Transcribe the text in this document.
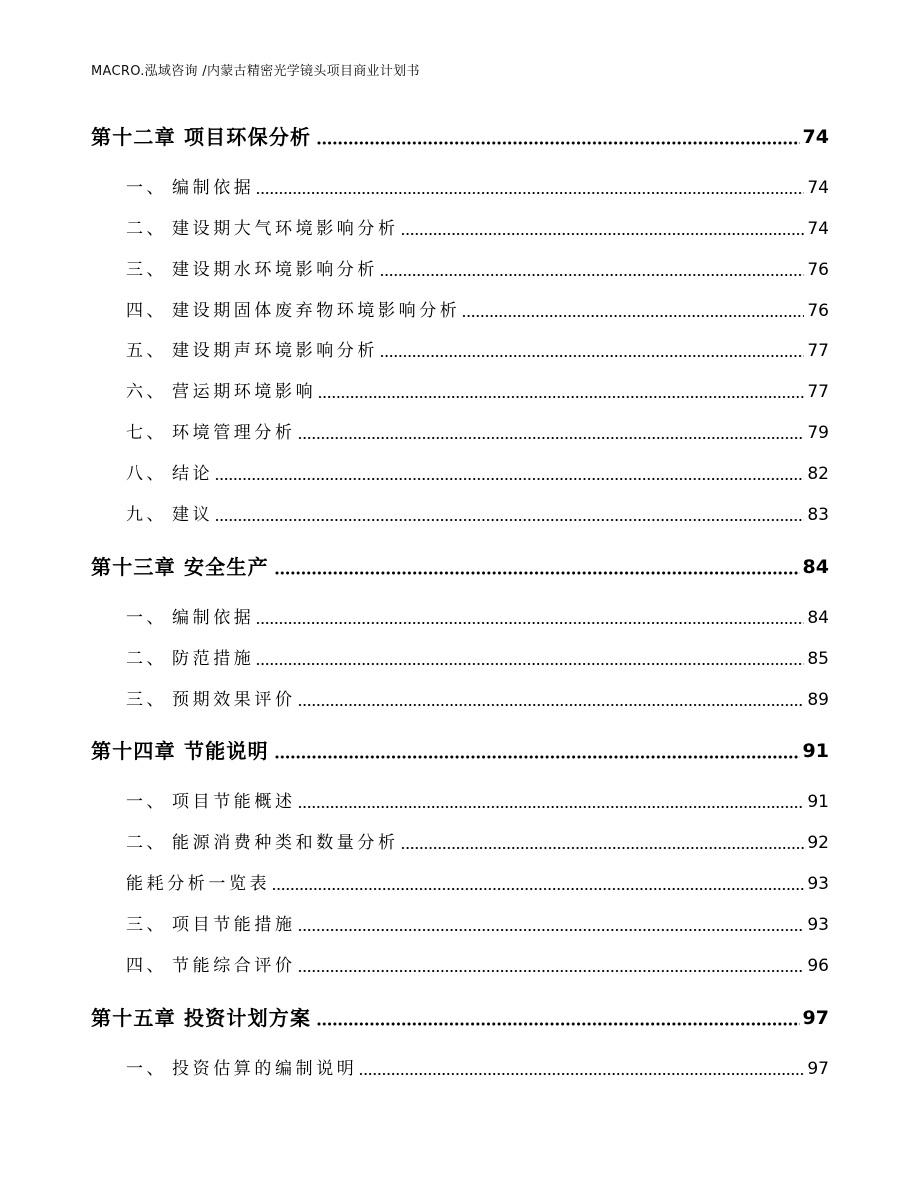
MACRO.泓域咨询 /内蒙古精密光学镜头项目商业计划书
第十二章 项目环保分析	74
一、 编制依据	74
二、 建设期大气环境影响分析	74
三、 建设期水环境影响分析	76
四、 建设期固体废弃物环境影响分析	76
五、 建设期声环境影响分析	77
六、 营运期环境影响	77
七、 环境管理分析	79
八、 结论	82
九、 建议	83
第十三章 安全生产	84
一、 编制依据	84
二、 防范措施	85
三、 预期效果评价	89
第十四章 节能说明	91
一、 项目节能概述	91
二、 能源消费种类和数量分析	92
能耗分析一览表	93
三、 项目节能措施	93
四、 节能综合评价	96
第十五章 投资计划方案	97
一、 投资估算的编制说明	97
